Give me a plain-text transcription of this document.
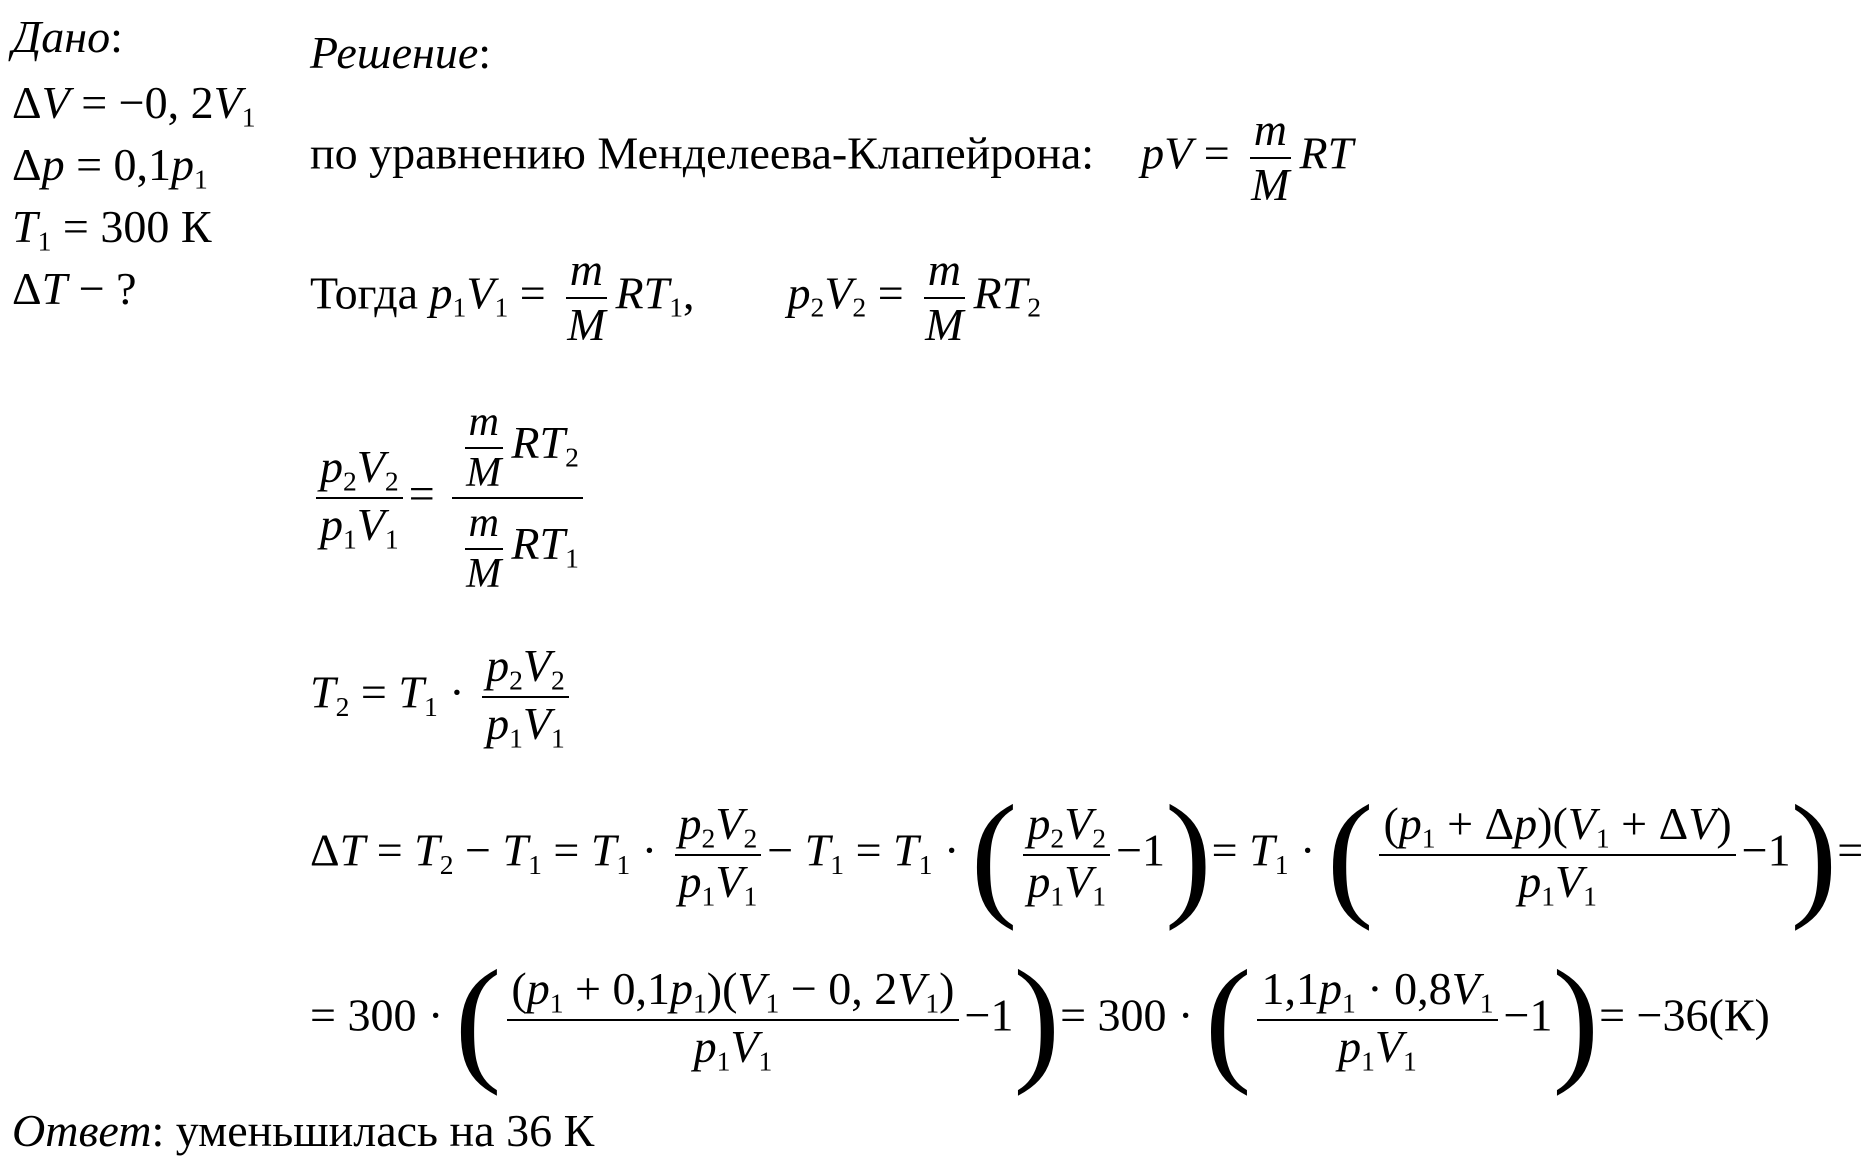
Дано:
ΔV = −0, $2V_1$
$\Delta p = 0,1p_1$
$T_1 = 300$ К
ΔT − ?
Решение:
по уравнению Менделеева-Клапейрона: pV = $\frac{m}{M}$ RT
Тогда $p_1V_1 = \frac{m}{M} RT_1$,  $p_2V_2 = \frac{m}{M} RT_2$
$\frac{p_2V_2}{p_1V_1} = \frac{\frac{m}{M} RT_2}{\frac{m}{M} RT_1}$
$T_2 = T_1 \cdot \frac{p_2V_2}{p_1V_1}$
$\Delta T = T_2 - T_1 = T_1 \cdot \frac{p_2V_2}{p_1V_1} - T_1 = T_1$ · ( $\frac{p_2V_2}{p_1V_1} -1)= T_1$ · ( $\frac{(p_1 + \Delta p)(V_1 + \Delta V)}{p_1V_1} -1)=$
= 300 · ( $\frac{(p_1 + 0,1p_1)(V_1 - 0, 2V_1)}{p_1V_1} -1)= 300$ · ( $\frac{1,1p_1 \cdot 0,8V_1}{p_1V_1} -1)= -36(К)$
Ответ: уменьшилась на 36 К
